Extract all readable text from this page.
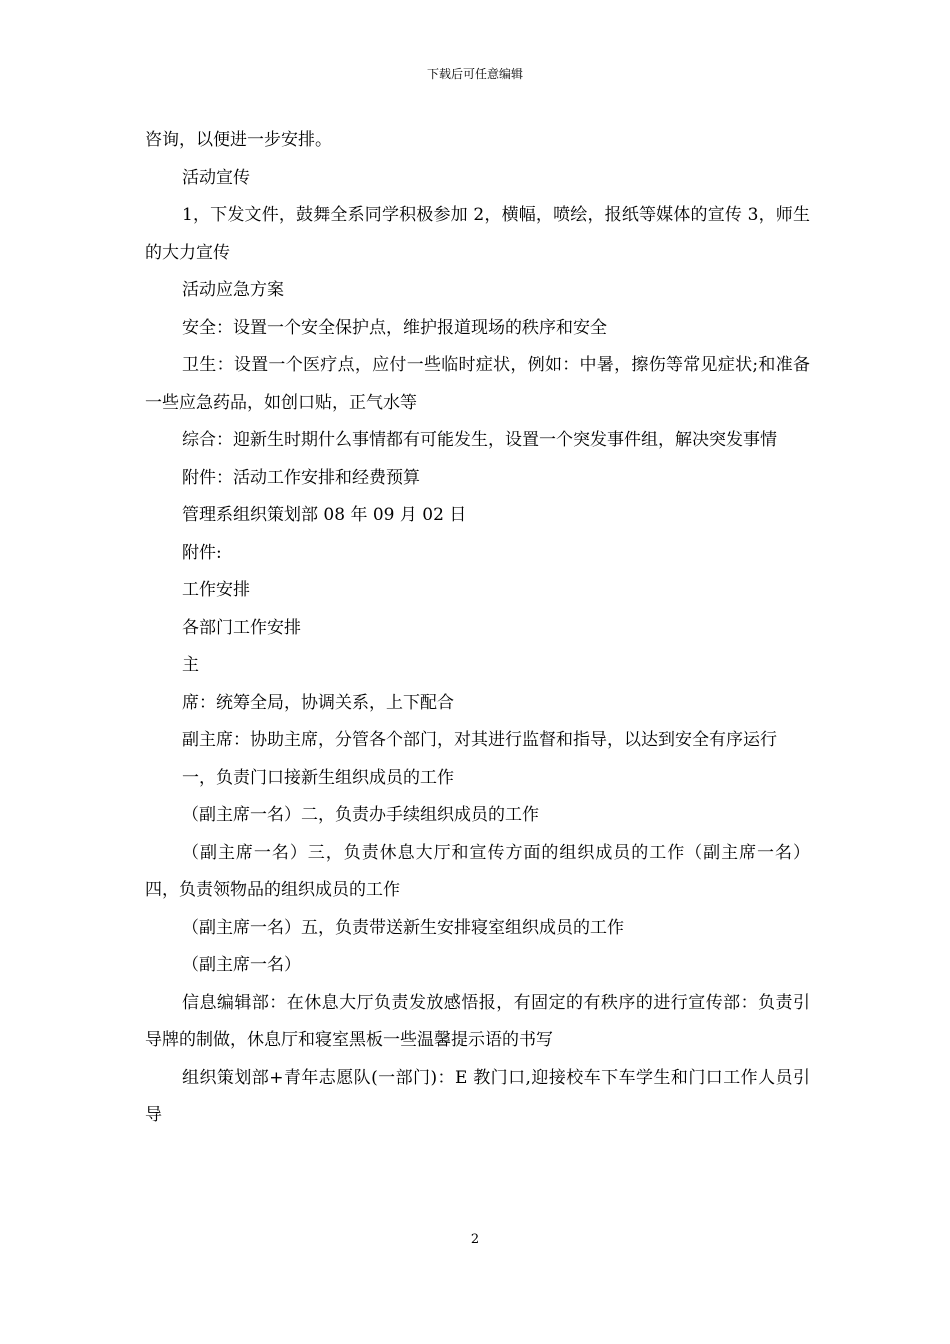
下载后可任意编辑

咨询，以便进一步安排。

活动宣传

1，下发文件，鼓舞全系同学积极参加 2，横幅，喷绘，报纸等媒体的宣传 3，师生的大力宣传

活动应急方案

安全：设置一个安全保护点，维护报道现场的秩序和安全

卫生：设置一个医疗点，应付一些临时症状，例如：中暑，擦伤等常见症状;和准备一些应急药品，如创口贴，正气水等

综合：迎新生时期什么事情都有可能发生，设置一个突发事件组，解决突发事情

附件：活动工作安排和经费预算

管理系组织策划部 08 年 09 月 02 日

附件:

工作安排

各部门工作安排

主

席：统筹全局，协调关系，上下配合

副主席：协助主席，分管各个部门，对其进行监督和指导，以达到安全有序运行

一，负责门口接新生组织成员的工作

（副主席一名）二，负责办手续组织成员的工作

（副主席一名）三，负责休息大厅和宣传方面的组织成员的工作（副主席一名）四，负责领物品的组织成员的工作

（副主席一名）五，负责带送新生安排寝室组织成员的工作

（副主席一名）

信息编辑部：在休息大厅负责发放感悟报，有固定的有秩序的进行宣传部：负责引导牌的制做，休息厅和寝室黑板一些温馨提示语的书写

组织策划部+青年志愿队(一部门)：E 教门口,迎接校车下车学生和门口工作人员引导

2
